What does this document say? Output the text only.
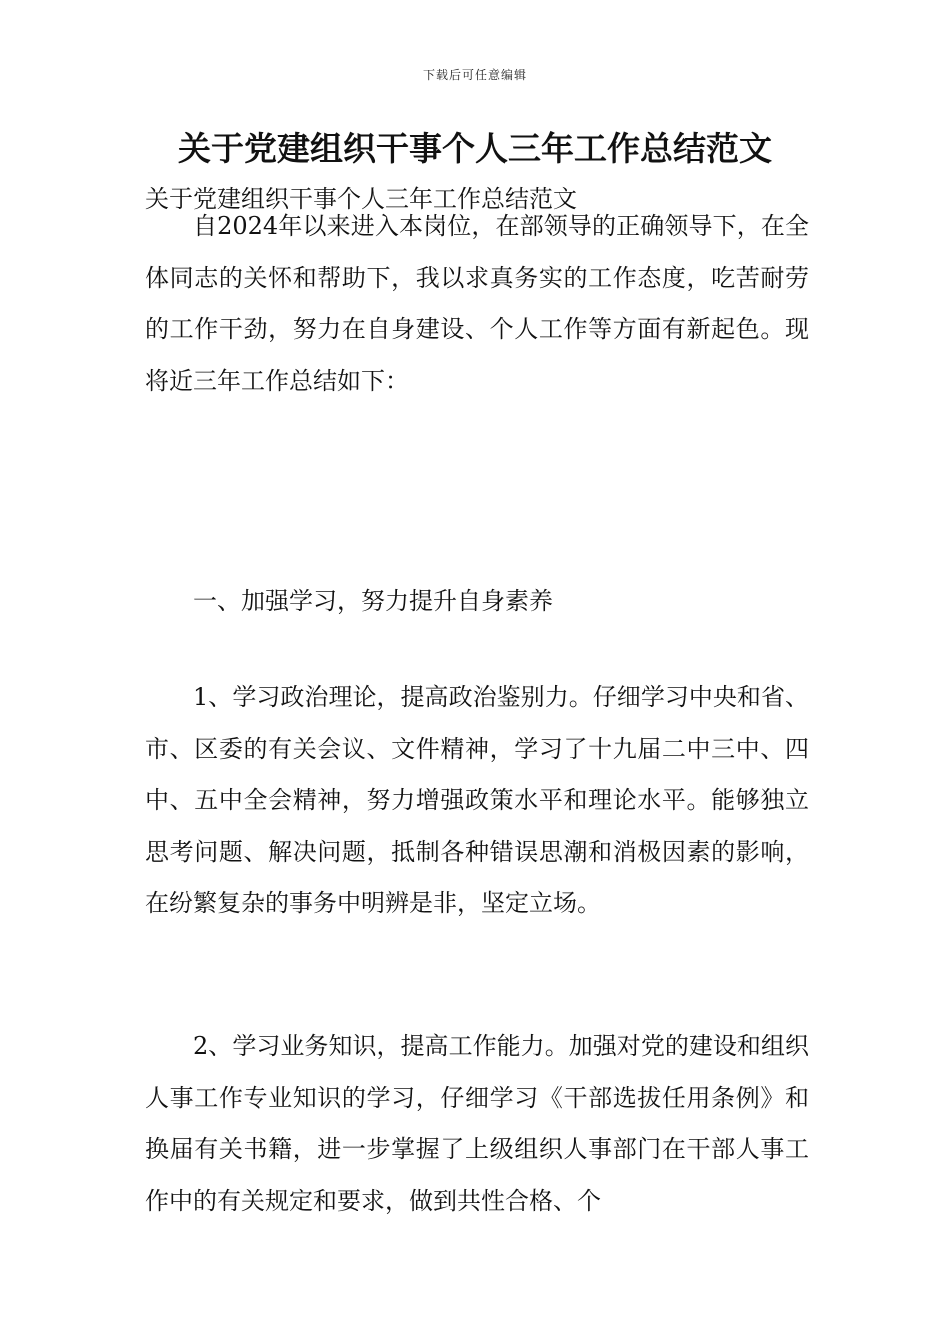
下载后可任意编辑
关于党建组织干事个人三年工作总结范文

关于党建组织干事个人三年工作总结范文

自2024年以来进入本岗位，在部领导的正确领导下，在全体同志的关怀和帮助下，我以求真务实的工作态度，吃苦耐劳的工作干劲，努力在自身建设、个人工作等方面有新起色。现将近三年工作总结如下：

一、加强学习，努力提升自身素养

1、学习政治理论，提高政治鉴别力。仔细学习中央和省、市、区委的有关会议、文件精神，学习了十九届二中三中、四中、五中全会精神，努力增强政策水平和理论水平。能够独立思考问题、解决问题，抵制各种错误思潮和消极因素的影响，在纷繁复杂的事务中明辨是非，坚定立场。

2、学习业务知识，提高工作能力。加强对党的建设和组织人事工作专业知识的学习，仔细学习《干部选拔任用条例》和换届有关书籍，进一步掌握了上级组织人事部门在干部人事工作中的有关规定和要求，做到共性合格、个
